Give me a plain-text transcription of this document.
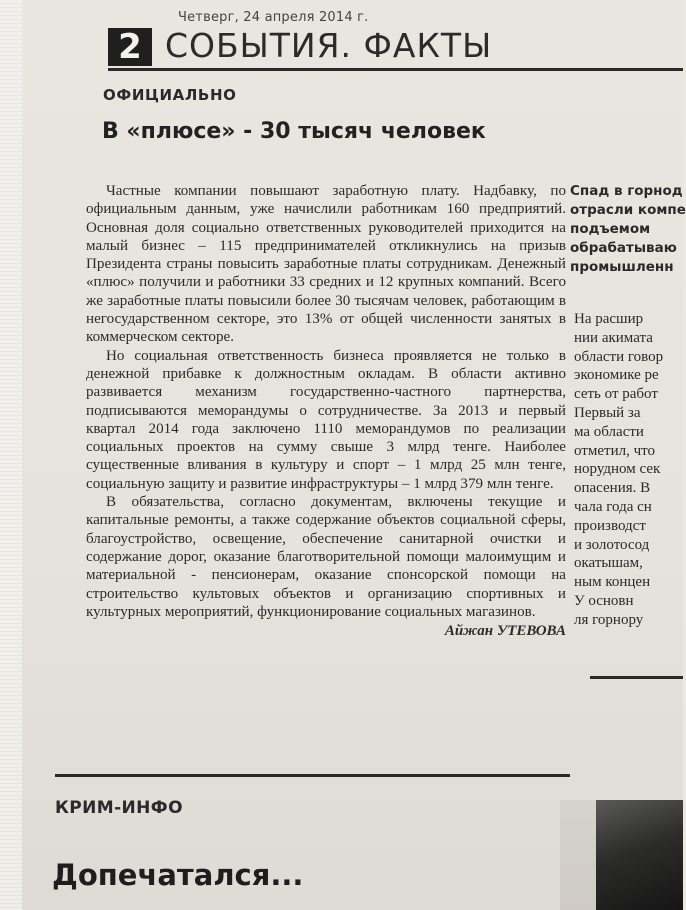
Четверг, 24 апреля 2014 г.
2 СОБЫТИЯ. ФАКТЫ
ОФИЦИАЛЬНО
В «плюсе» - 30 тысяч человек

Частные компании повышают заработную плату. Надбавку, по официальным данным, уже начислили работникам 160 предприятий. Основная доля социально ответственных руководителей приходится на малый бизнес – 115 предпринимателей откликнулись на призыв Президента страны повысить заработные платы сотрудникам. Денежный «плюс» получили и работники 33 средних и 12 крупных компаний. Всего же заработные платы повысили более 30 тысячам человек, работающим в негосударственном секторе, это 13% от общей численности занятых в коммерческом секторе.

Но социальная ответственность бизнеса проявляется не только в денежной прибавке к должностным окладам. В области активно развивается механизм государственно-частного партнерства, подписываются меморандумы о сотрудничестве. За 2013 и первый квартал 2014 года заключено 1110 меморандумов по реализации социальных проектов на сумму свыше 3 млрд тенге. Наиболее существенные вливания в культуру и спорт – 1 млрд 25 млн тенге, социальную защиту и развитие инфраструктуры – 1 млрд 379 млн тенге.

В обязательства, согласно документам, включены текущие и капитальные ремонты, а также содержание объектов социальной сферы, благоустройство, освещение, обеспечение санитарной очистки и содержание дорог, оказание благотворительной помощи малоимущим и материальной - пенсионерам, оказание спонсорской помощи на строительство культовых объектов и организацию спортивных и культурных мероприятий, функционирование социальных магазинов.

Айжан УТЕВОВА
Спад в горнод
отрасли компе
подъемом
обрабатываю
промышленн
На расшир
нии акимата
области говор
экономике ре
сеть от работ
Первый за
ма области
отметил, что
норудном сек
опасения. В
чала года сн
производст
и золотосод
окатышам,
ным концен
У основн
ля горнору
КРИМ-ИНФО
Допечатался...
